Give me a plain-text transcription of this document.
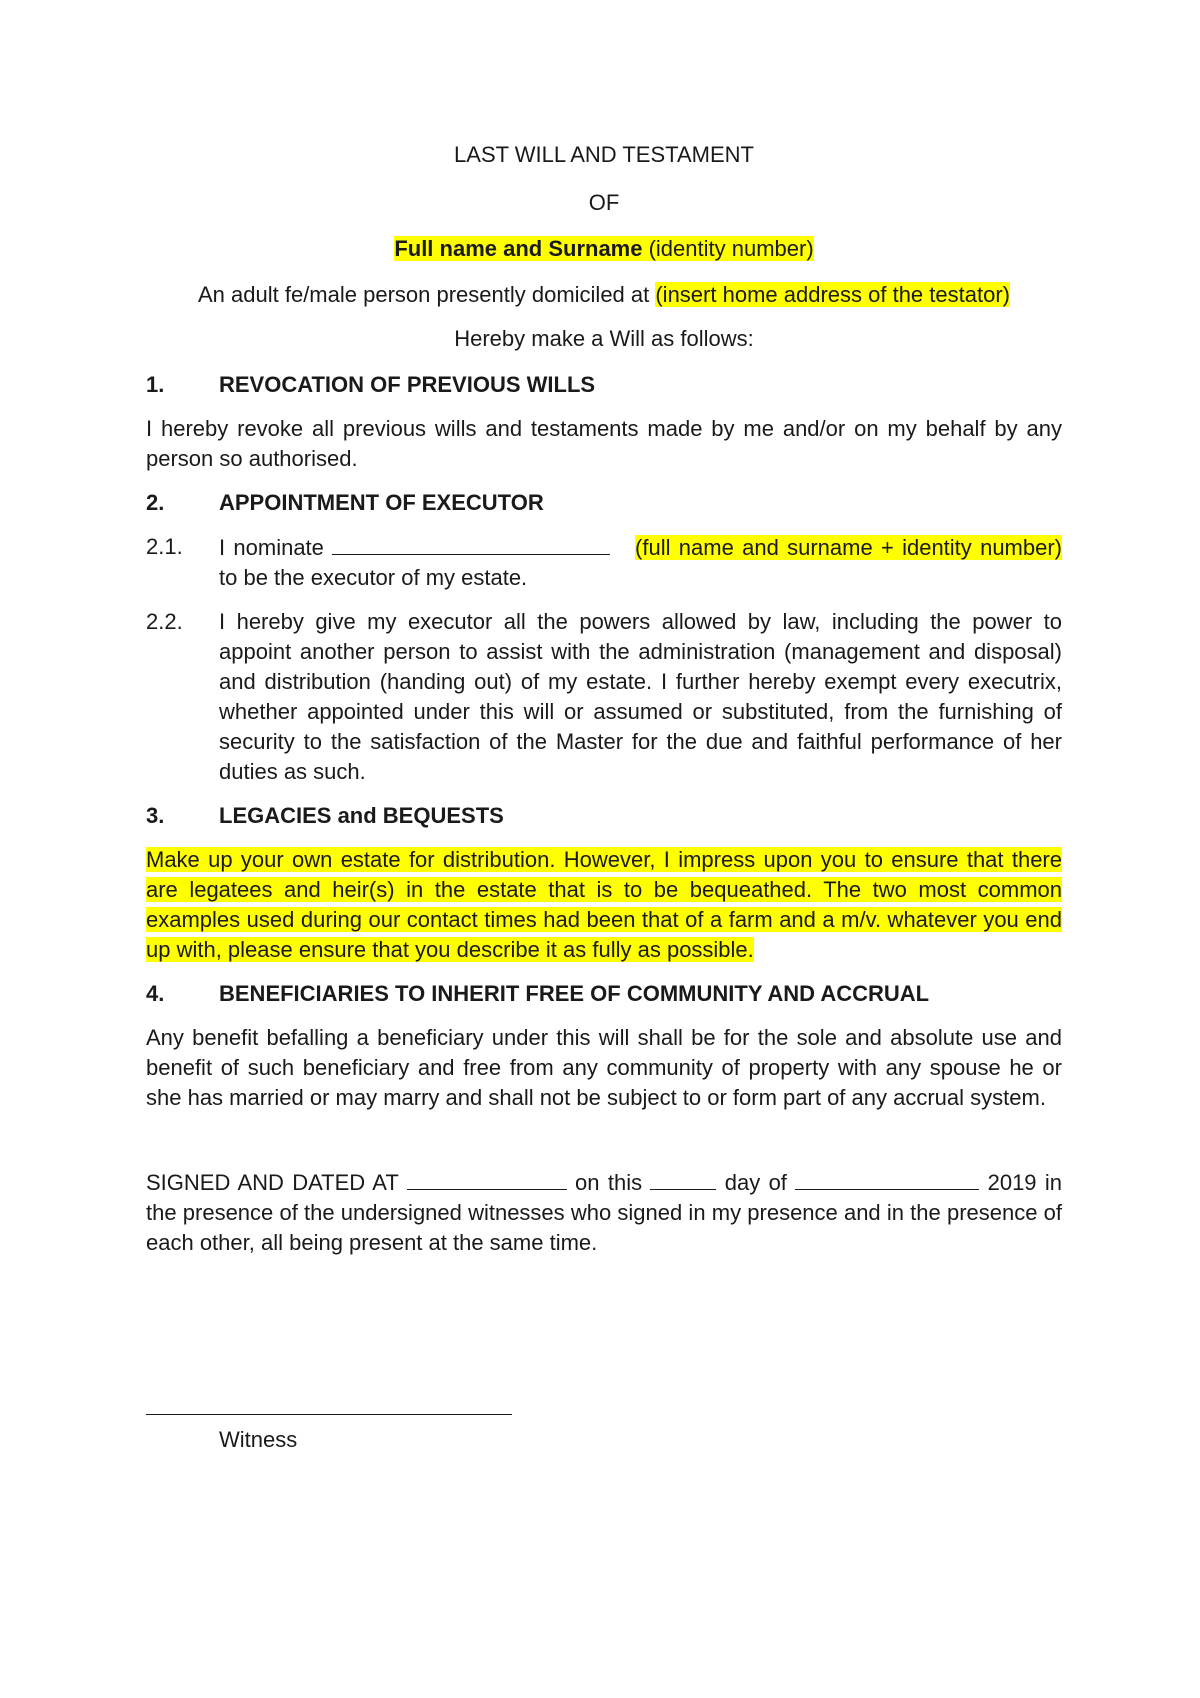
LAST WILL AND TESTAMENT

OF

Full name and Surname (identity number)

An adult fe/male person presently domiciled at (insert home address of the testator)

Hereby make a Will as follows:

1.	REVOCATION OF PREVIOUS WILLS

I hereby revoke all previous wills and testaments made by me and/or on my behalf by any person so authorised.

2.	APPOINTMENT OF EXECUTOR
2.1.	I nominate	(full name and surname + identity number) to be the executor of my estate.
2.2.	I hereby give my executor all the powers allowed by law, including the power to appoint another person to assist with the administration (management and disposal) and distribution (handing out) of my estate. I further hereby exempt every executrix, whether appointed under this will or assumed or substituted, from the furnishing of security to the satisfaction of the Master for the due and faithful performance of her duties as such.
3.	LEGACIES and BEQUESTS

Make up your own estate for distribution. However, I impress upon you to ensure that there are legatees and heir(s) in the estate that is to be bequeathed. The two most common examples used during our contact times had been that of a farm and a m/v. whatever you end up with, please ensure that you describe it as fully as possible.

4.	BENEFICIARIES TO INHERIT FREE OF COMMUNITY AND ACCRUAL

Any benefit befalling a beneficiary under this will shall be for the sole and absolute use and benefit of such beneficiary and free from any community of property with any spouse he or she has married or may marry and shall not be subject to or form part of any accrual system.

SIGNED AND DATED AT	on this	day of	2019 in the presence of the undersigned witnesses who signed in my presence and in the presence of each other, all being present at the same time.

Witness
